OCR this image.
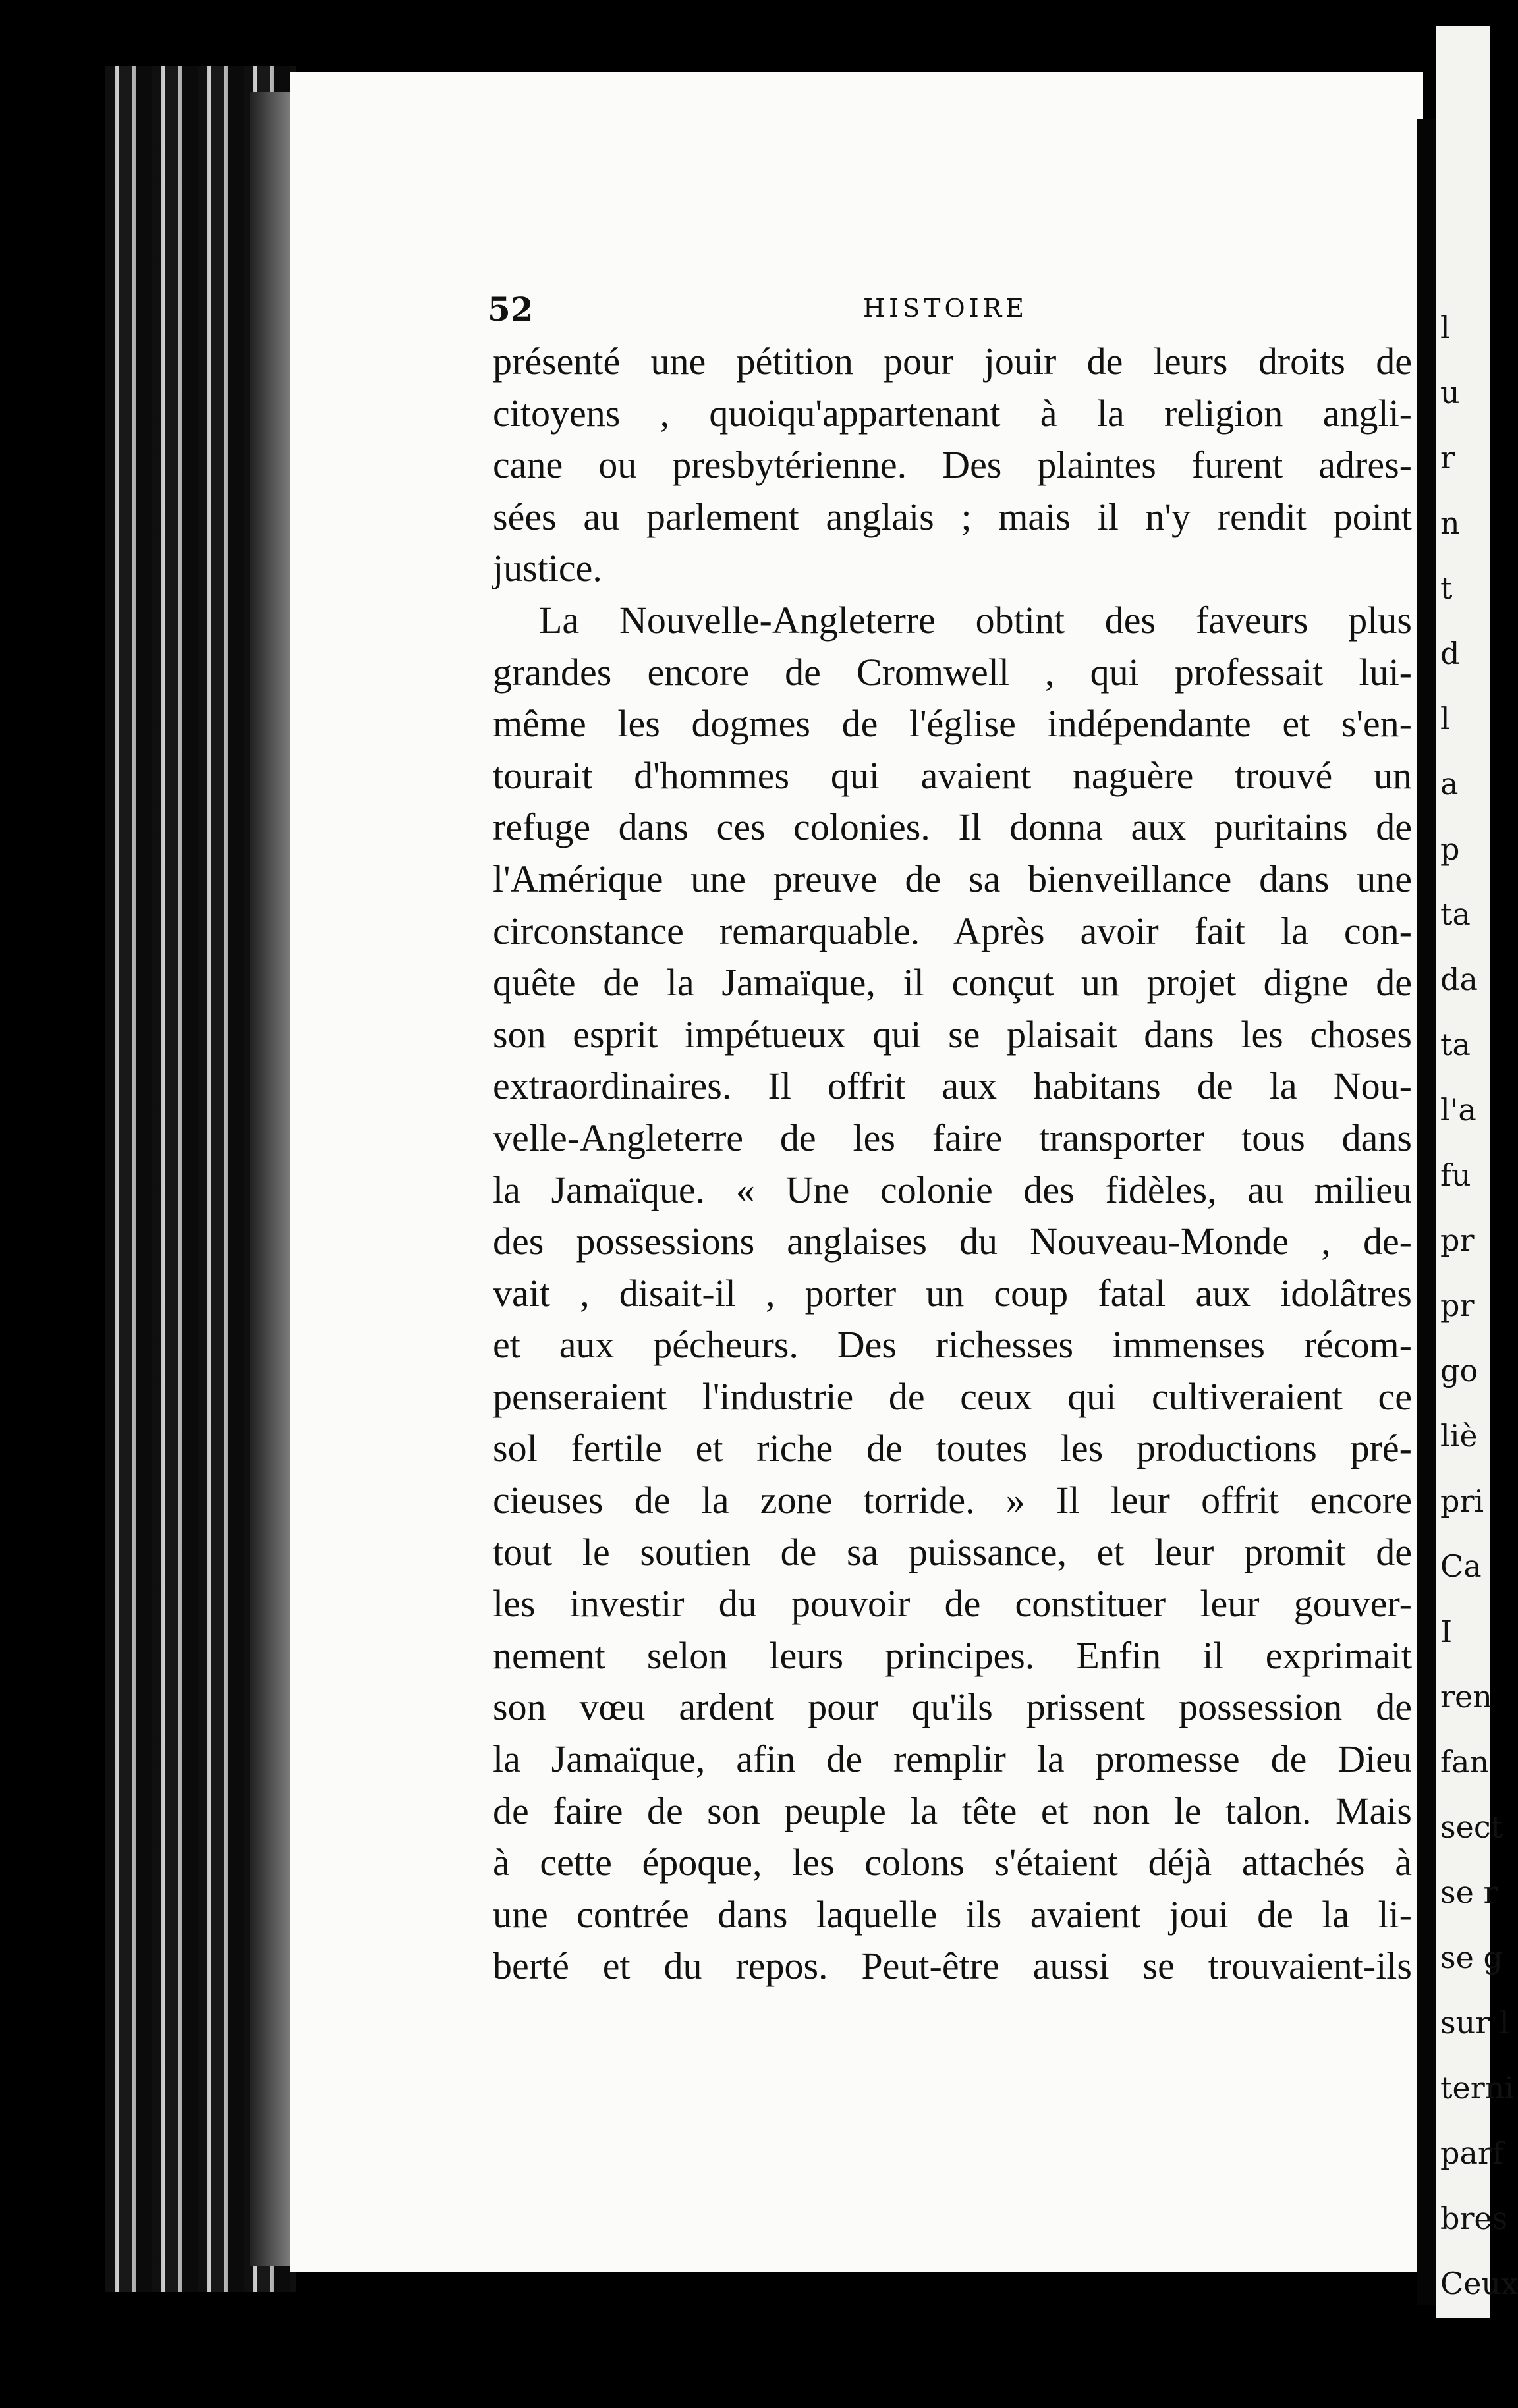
52	HISTOIRE
présenté une pétition pour jouir de leurs droits de
citoyens , quoiqu'appartenant à la religion angli-
cane ou presbytérienne. Des plaintes furent adres-
sées au parlement anglais ; mais il n'y rendit point
justice.
La Nouvelle-Angleterre obtint des faveurs plus
grandes encore de Cromwell , qui professait lui-
même les dogmes de l'église indépendante et s'en-
tourait d'hommes qui avaient naguère trouvé un
refuge dans ces colonies. Il donna aux puritains de
l'Amérique une preuve de sa bienveillance dans une
circonstance remarquable. Après avoir fait la con-
quête de la Jamaïque, il conçut un projet digne de
son esprit impétueux qui se plaisait dans les choses
extraordinaires. Il offrit aux habitans de la Nou-
velle-Angleterre de les faire transporter tous dans
la Jamaïque. « Une colonie des fidèles, au milieu
des possessions anglaises du Nouveau-Monde , de-
vait , disait-il , porter un coup fatal aux idolâtres
et aux pécheurs. Des richesses immenses récom-
penseraient l'industrie de ceux qui cultiveraient ce
sol fertile et riche de toutes les productions pré-
cieuses de la zone torride. » Il leur offrit encore
tout le soutien de sa puissance, et leur promit de
les investir du pouvoir de constituer leur gouver-
nement selon leurs principes. Enfin il exprimait
son vœu ardent pour qu'ils prissent possession de
la Jamaïque, afin de remplir la promesse de Dieu
de faire de son peuple la tête et non le talon. Mais
à cette époque, les colons s'étaient déjà attachés à
une contrée dans laquelle ils avaient joui de la li-
berté et du repos. Peut-être aussi se trouvaient-ils
l
u
r
n
t
d
l
a
p
ta
da
ta
l'a
fu
pr
pr
go
liè
pri
Ca
I
ren
fan
sect
se r
se g
sur l
terni
parf
bres
Ceux
